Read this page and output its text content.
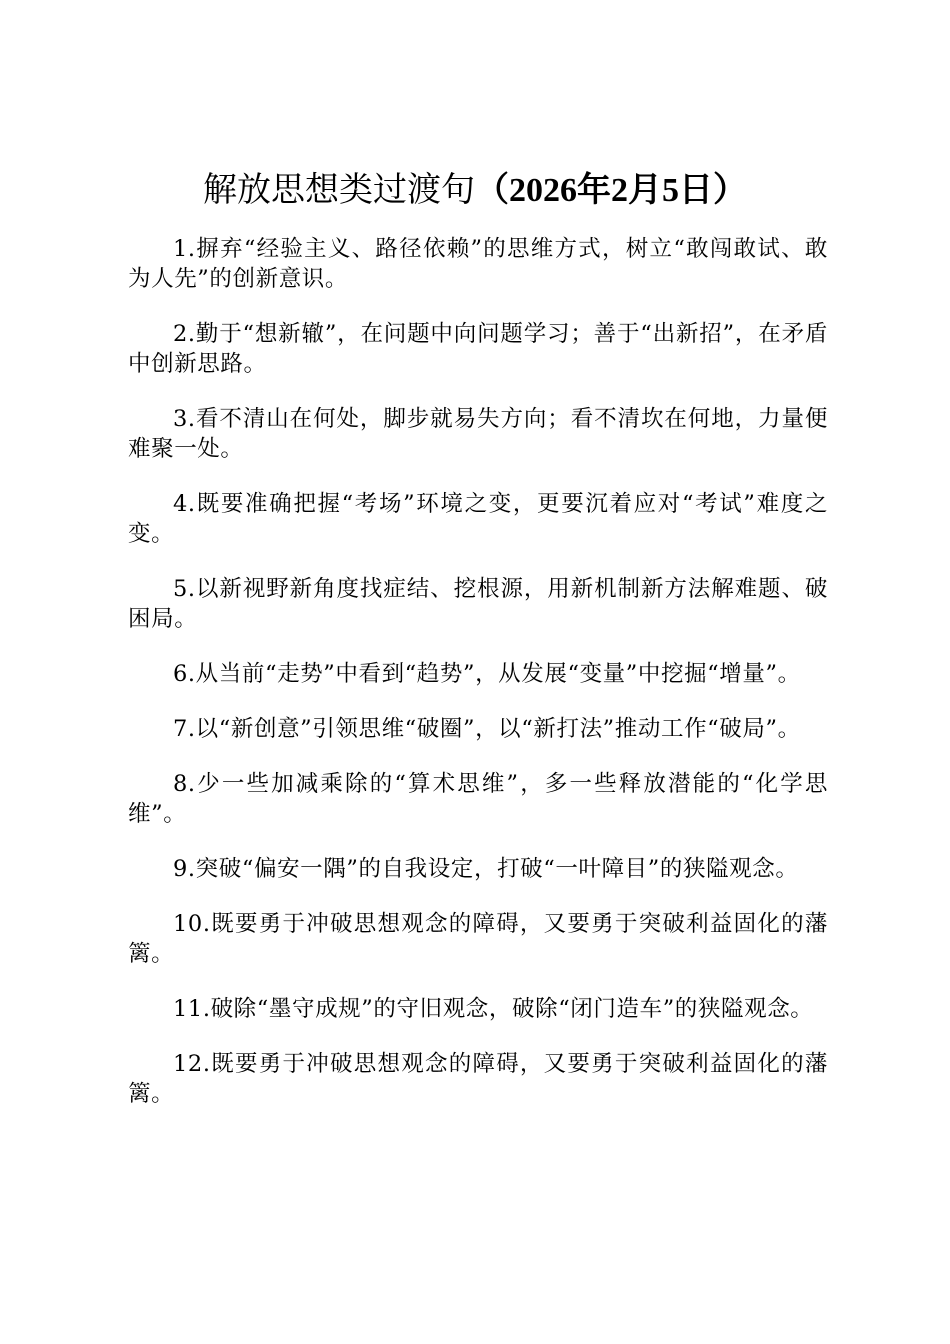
解放思想类过渡句（2026年2月5日）

1.摒弃“经验主义、路径依赖”的思维方式，树立“敢闯敢试、敢为人先”的创新意识。

2.勤于“想新辙”，在问题中向问题学习；善于“出新招”，在矛盾中创新思路。

3.看不清山在何处，脚步就易失方向；看不清坎在何地，力量便难聚一处。

4.既要准确把握“考场”环境之变，更要沉着应对“考试”难度之变。

5.以新视野新角度找症结、挖根源，用新机制新方法解难题、破困局。

6.从当前“走势”中看到“趋势”，从发展“变量”中挖掘“增量”。

7.以“新创意”引领思维“破圈”，以“新打法”推动工作“破局”。

8.少一些加减乘除的“算术思维”，多一些释放潜能的“化学思维”。

9.突破“偏安一隅”的自我设定，打破“一叶障目”的狭隘观念。

10.既要勇于冲破思想观念的障碍，又要勇于突破利益固化的藩篱。

11.破除“墨守成规”的守旧观念，破除“闭门造车”的狭隘观念。

12.既要勇于冲破思想观念的障碍，又要勇于突破利益固化的藩篱。
